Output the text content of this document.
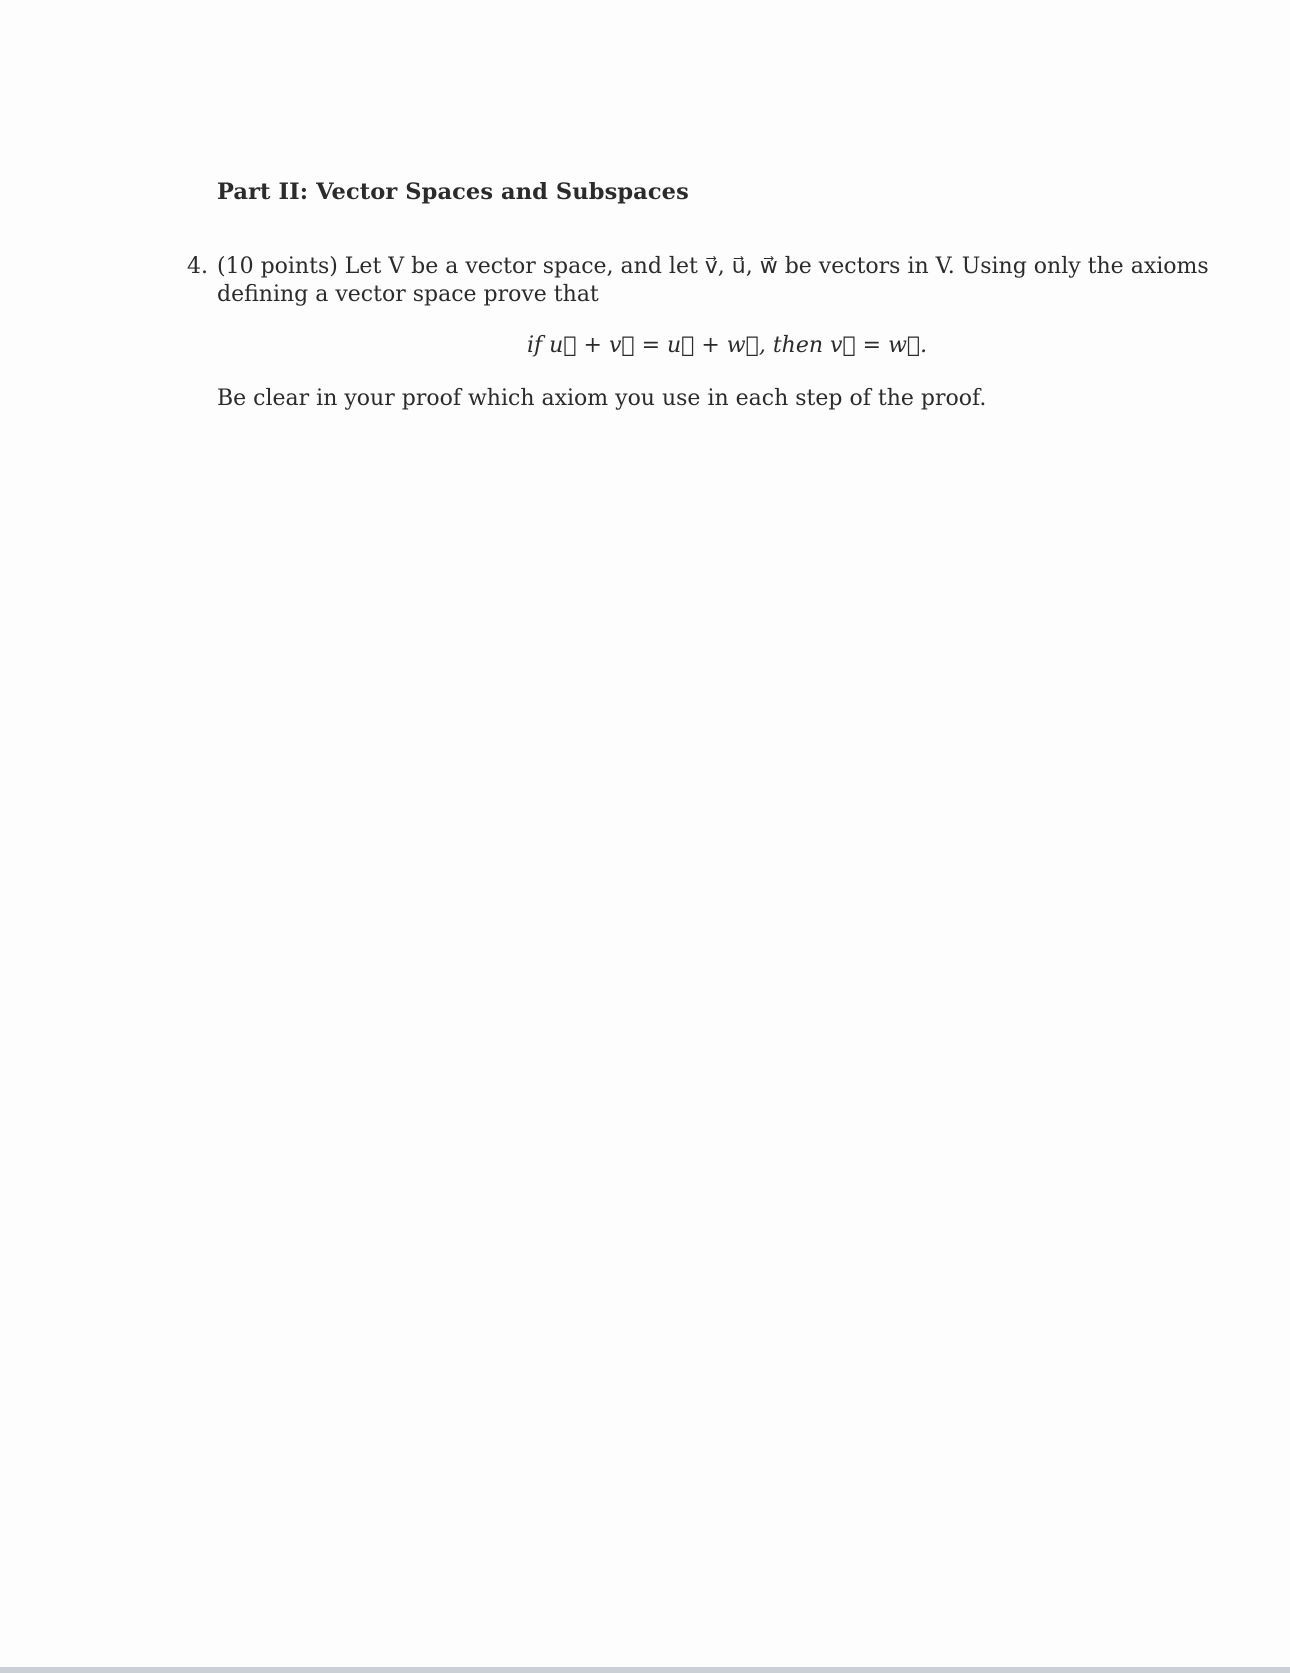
Part II: Vector Spaces and Subspaces
4. (10 points) Let V be a vector space, and let v⃗, u⃗, w⃗ be vectors in V. Using only the axioms
defining a vector space prove that
if u⃗ + v⃗ = u⃗ + w⃗, then v⃗ = w⃗.
Be clear in your proof which axiom you use in each step of the proof.
